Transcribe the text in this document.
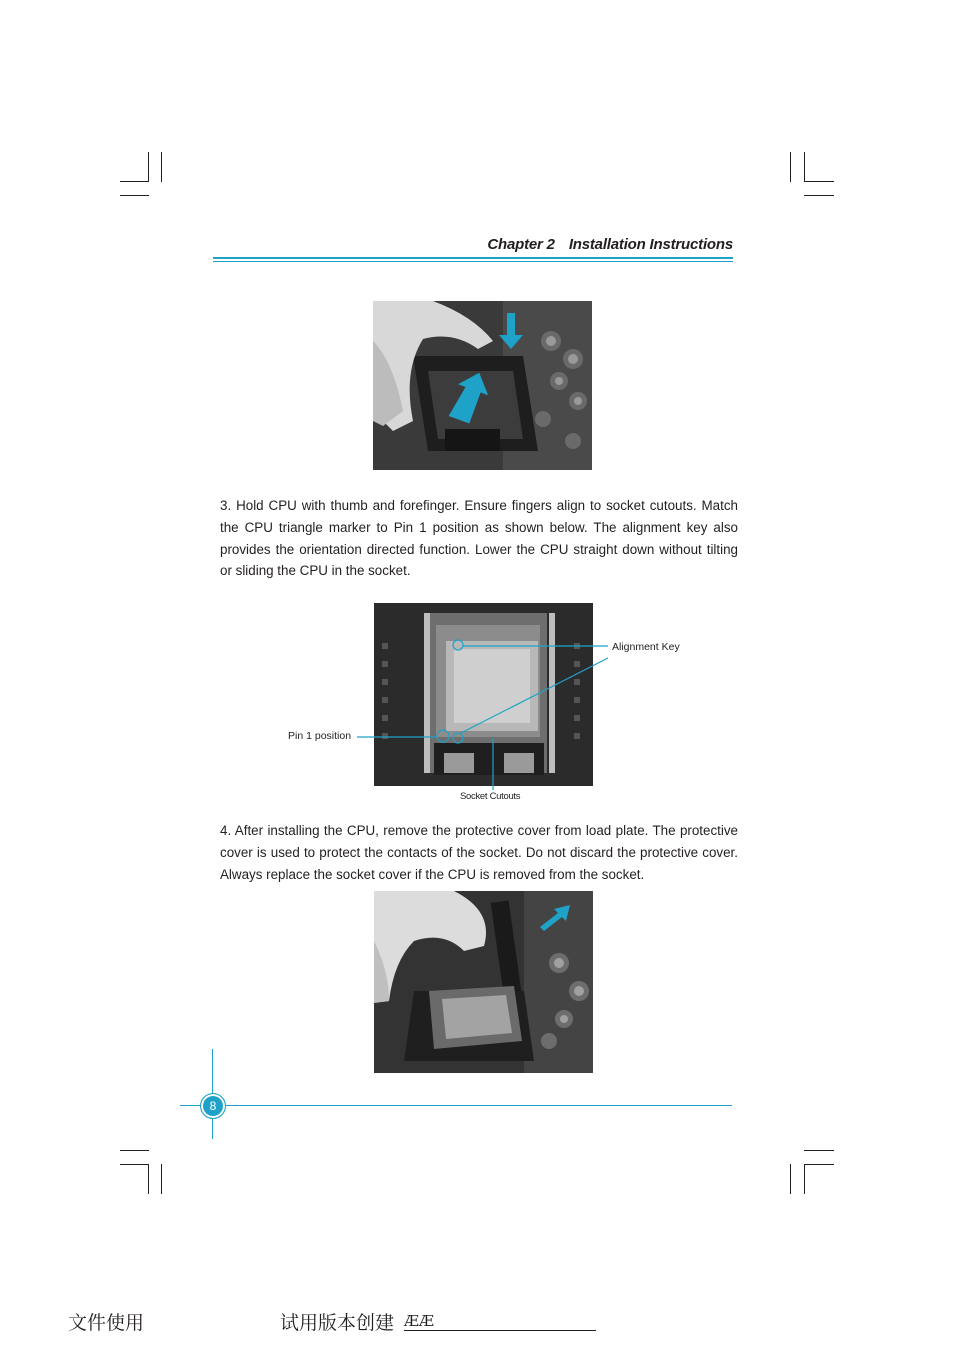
Chapter 2 Installation Instructions
3. Hold CPU with thumb and forefinger. Ensure fingers align to socket cutouts. Match the CPU triangle marker to Pin 1 position as shown below. The alignment key also provides the orientation directed function. Lower the CPU straight down without tilting or sliding the CPU in the socket.
Alignment Key
Pin 1 position
Socket Cutouts
4. After installing the CPU, remove the protective cover from load plate. The protective cover is used to protect the contacts of the socket. Do not discard the protective cover. Always replace the socket cover if the CPU is removed from the socket.
8
文件使用	试用版本创建 ÆÆ
